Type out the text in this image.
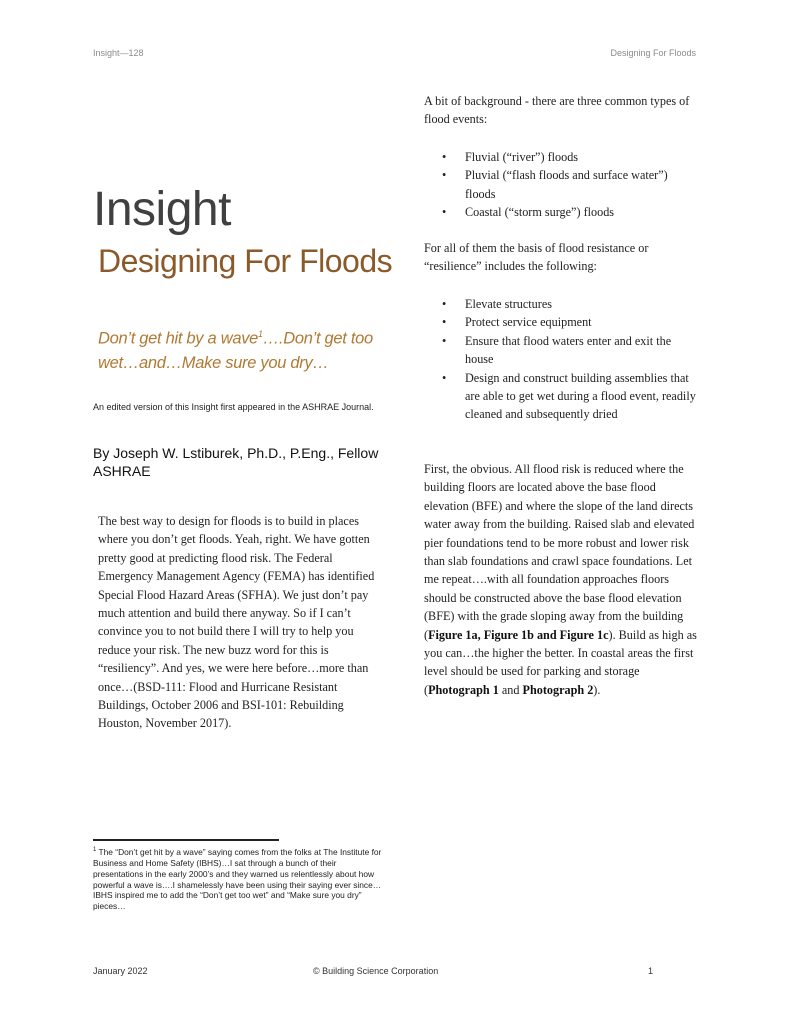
Insight—128	Designing For Floods
Insight
Designing For Floods
Don’t get hit by a wave$^1$….Don’t get too wet…and…Make sure you dry…
An edited version of this Insight first appeared in the ASHRAE Journal.
By Joseph W. Lstiburek, Ph.D., P.Eng., Fellow ASHRAE
The best way to design for floods is to build in places where you don’t get floods. Yeah, right. We have gotten pretty good at predicting flood risk. The Federal Emergency Management Agency (FEMA) has identified Special Flood Hazard Areas (SFHA). We just don’t pay much attention and build there anyway. So if I can’t convince you to not build there I will try to help you reduce your risk. The new buzz word for this is “resiliency”. And yes, we were here before…more than once…(BSD-111: Flood and Hurricane Resistant Buildings, October 2006 and BSI-101: Rebuilding Houston, November 2017).
$^1$ The “Don’t get hit by a wave” saying comes from the folks at The Institute for Business and Home Safety (IBHS)…I sat through a bunch of their presentations in the early 2000’s and they warned us relentlessly about how powerful a wave is….I shamelessly have been using their saying ever since…IBHS inspired me to add the “Don’t get too wet” and “Make sure you dry” pieces…
A bit of background - there are three common types of flood events:
• Fluvial (“river”) floods
• Pluvial (“flash floods and surface water”) floods
• Coastal (“storm surge”) floods
For all of them the basis of flood resistance or “resilience” includes the following:
• Elevate structures
• Protect service equipment
• Ensure that flood waters enter and exit the house
• Design and construct building assemblies that are able to get wet during a flood event, readily cleaned and subsequently dried
First, the obvious. All flood risk is reduced where the building floors are located above the base flood elevation (BFE) and where the slope of the land directs water away from the building. Raised slab and elevated pier foundations tend to be more robust and lower risk than slab foundations and crawl space foundations. Let me repeat….with all foundation approaches floors should be constructed above the base flood elevation (BFE) with the grade sloping away from the building (Figure 1a, Figure 1b and Figure 1c). Build as high as you can…the higher the better. In coastal areas the first level should be used for parking and storage (Photograph 1 and Photograph 2).
January 2022	© Building Science Corporation	1
